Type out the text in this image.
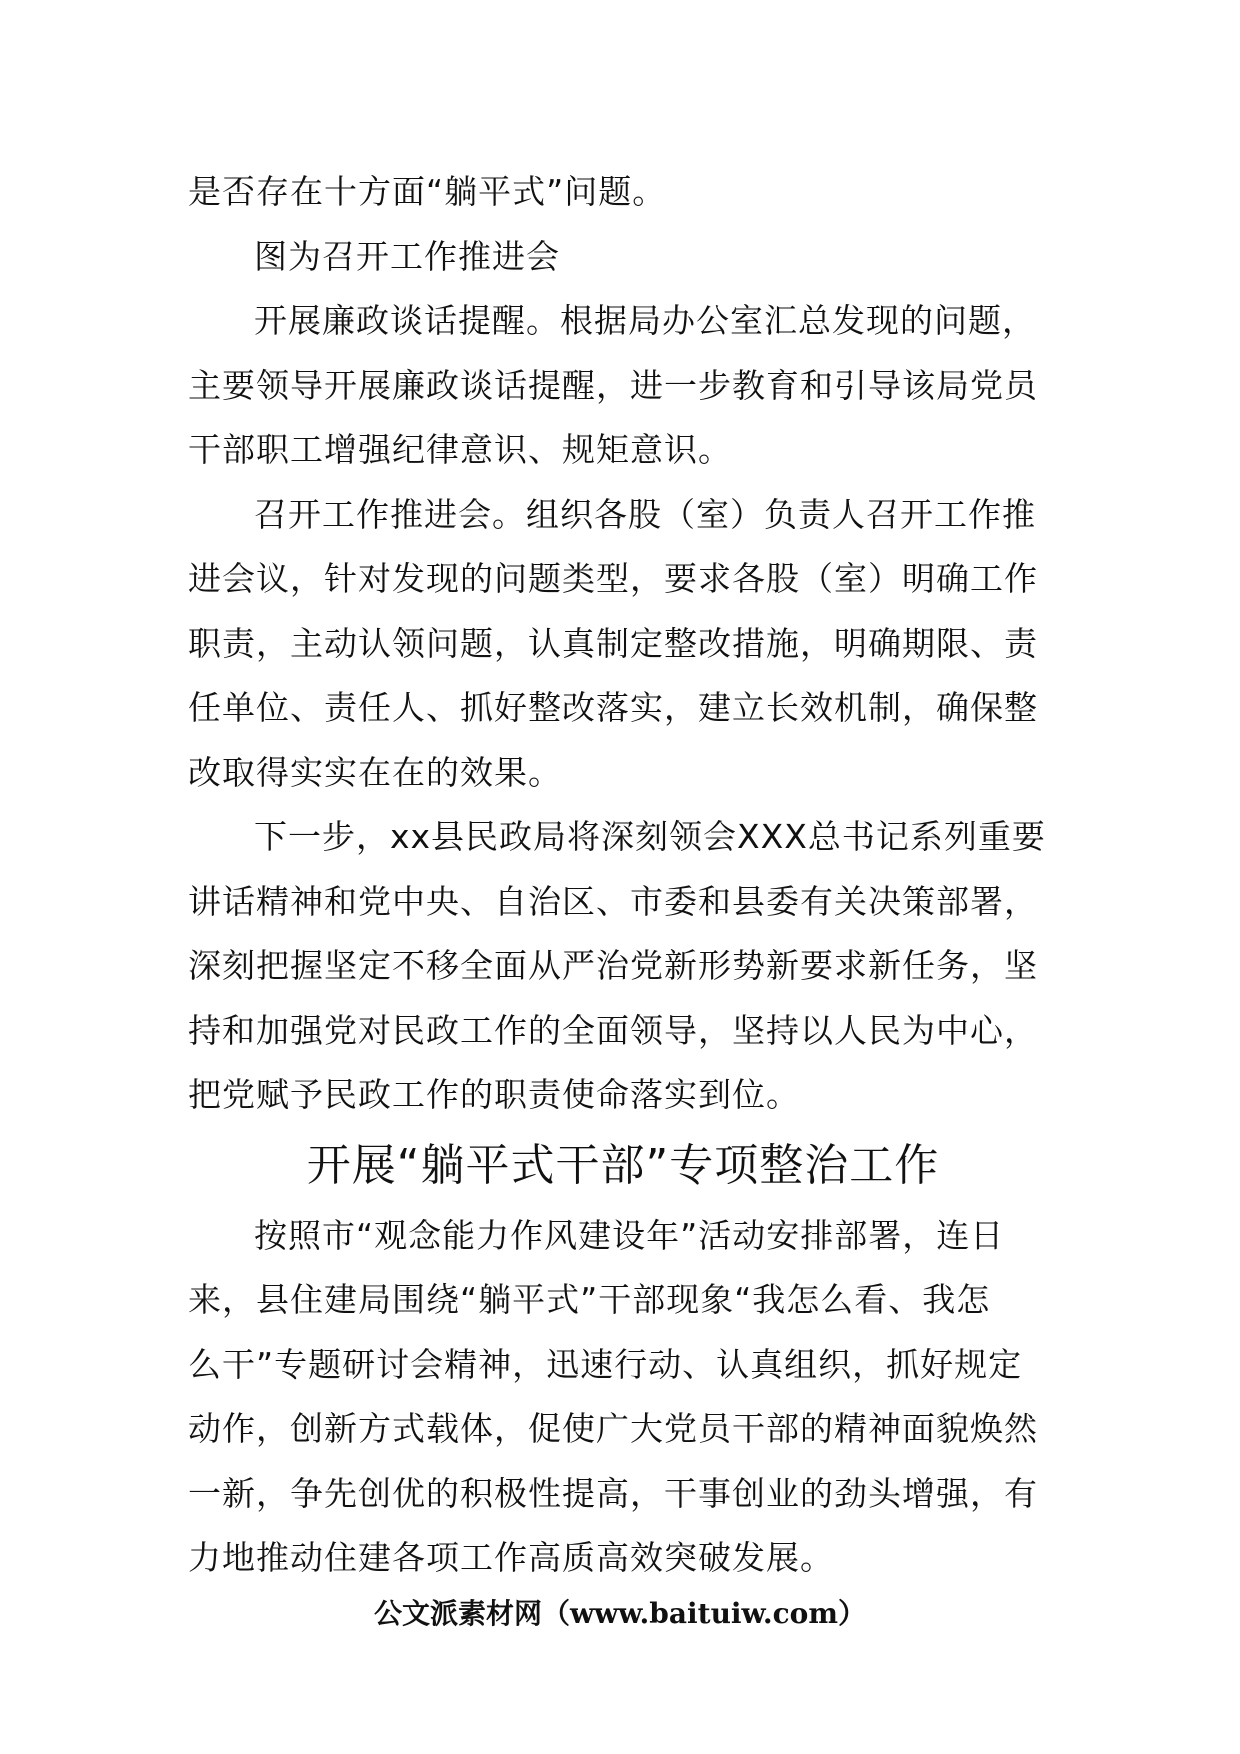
是否存在十方面“躺平式”问题。
图为召开工作推进会
开展廉政谈话提醒。根据局办公室汇总发现的问题，
主要领导开展廉政谈话提醒，进一步教育和引导该局党员
干部职工增强纪律意识、规矩意识。
召开工作推进会。组织各股（室）负责人召开工作推
进会议，针对发现的问题类型，要求各股（室）明确工作
职责，主动认领问题，认真制定整改措施，明确期限、责
任单位、责任人、抓好整改落实，建立长效机制，确保整
改取得实实在在的效果。
下一步，xx县民政局将深刻领会XXX总书记系列重要
讲话精神和党中央、自治区、市委和县委有关决策部署，
深刻把握坚定不移全面从严治党新形势新要求新任务，坚
持和加强党对民政工作的全面领导，坚持以人民为中心，
把党赋予民政工作的职责使命落实到位。
开展“躺平式干部”专项整治工作
按照市“观念能力作风建设年”活动安排部署，连日
来，县住建局围绕“躺平式”干部现象“我怎么看、我怎
么干”专题研讨会精神，迅速行动、认真组织，抓好规定
动作，创新方式载体，促使广大党员干部的精神面貌焕然
一新，争先创优的积极性提高，干事创业的劲头增强，有
力地推动住建各项工作高质高效突破发展。
公文派素材网（www.baituiw.com）
